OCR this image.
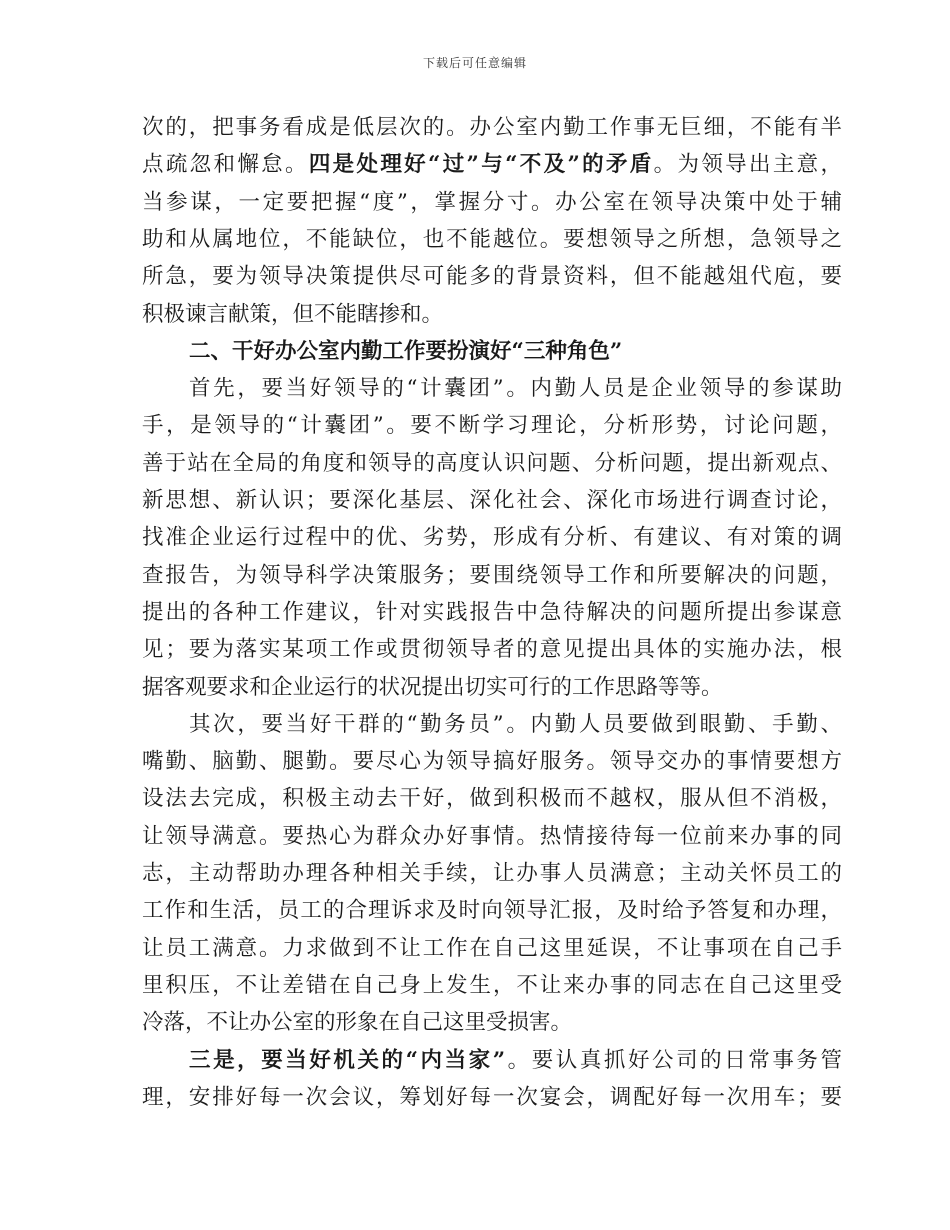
下载后可任意编辑
次的，把事务看成是低层次的。办公室内勤工作事无巨细，不能有半
点疏忽和懈怠。四是处理好“过”与“不及”的矛盾。为领导出主意，
当参谋，一定要把握“度”，掌握分寸。办公室在领导决策中处于辅
助和从属地位，不能缺位，也不能越位。要想领导之所想，急领导之
所急，要为领导决策提供尽可能多的背景资料，但不能越俎代庖，要
积极谏言献策，但不能瞎掺和。
二、干好办公室内勤工作要扮演好“三种角色”
首先，要当好领导的“计囊团”。内勤人员是企业领导的参谋助
手，是领导的“计囊团”。要不断学习理论，分析形势，讨论问题，
善于站在全局的角度和领导的高度认识问题、分析问题，提出新观点、
新思想、新认识；要深化基层、深化社会、深化市场进行调查讨论，
找准企业运行过程中的优、劣势，形成有分析、有建议、有对策的调
查报告，为领导科学决策服务；要围绕领导工作和所要解决的问题，
提出的各种工作建议，针对实践报告中急待解决的问题所提出参谋意
见；要为落实某项工作或贯彻领导者的意见提出具体的实施办法，根
据客观要求和企业运行的状况提出切实可行的工作思路等等。
其次，要当好干群的“勤务员”。内勤人员要做到眼勤、手勤、
嘴勤、脑勤、腿勤。要尽心为领导搞好服务。领导交办的事情要想方
设法去完成，积极主动去干好，做到积极而不越权，服从但不消极，
让领导满意。要热心为群众办好事情。热情接待每一位前来办事的同
志，主动帮助办理各种相关手续，让办事人员满意；主动关怀员工的
工作和生活，员工的合理诉求及时向领导汇报，及时给予答复和办理，
让员工满意。力求做到不让工作在自己这里延误，不让事项在自己手
里积压，不让差错在自己身上发生，不让来办事的同志在自己这里受
冷落，不让办公室的形象在自己这里受损害。
三是，要当好机关的“内当家”。要认真抓好公司的日常事务管
理，安排好每一次会议，筹划好每一次宴会，调配好每一次用车；要
